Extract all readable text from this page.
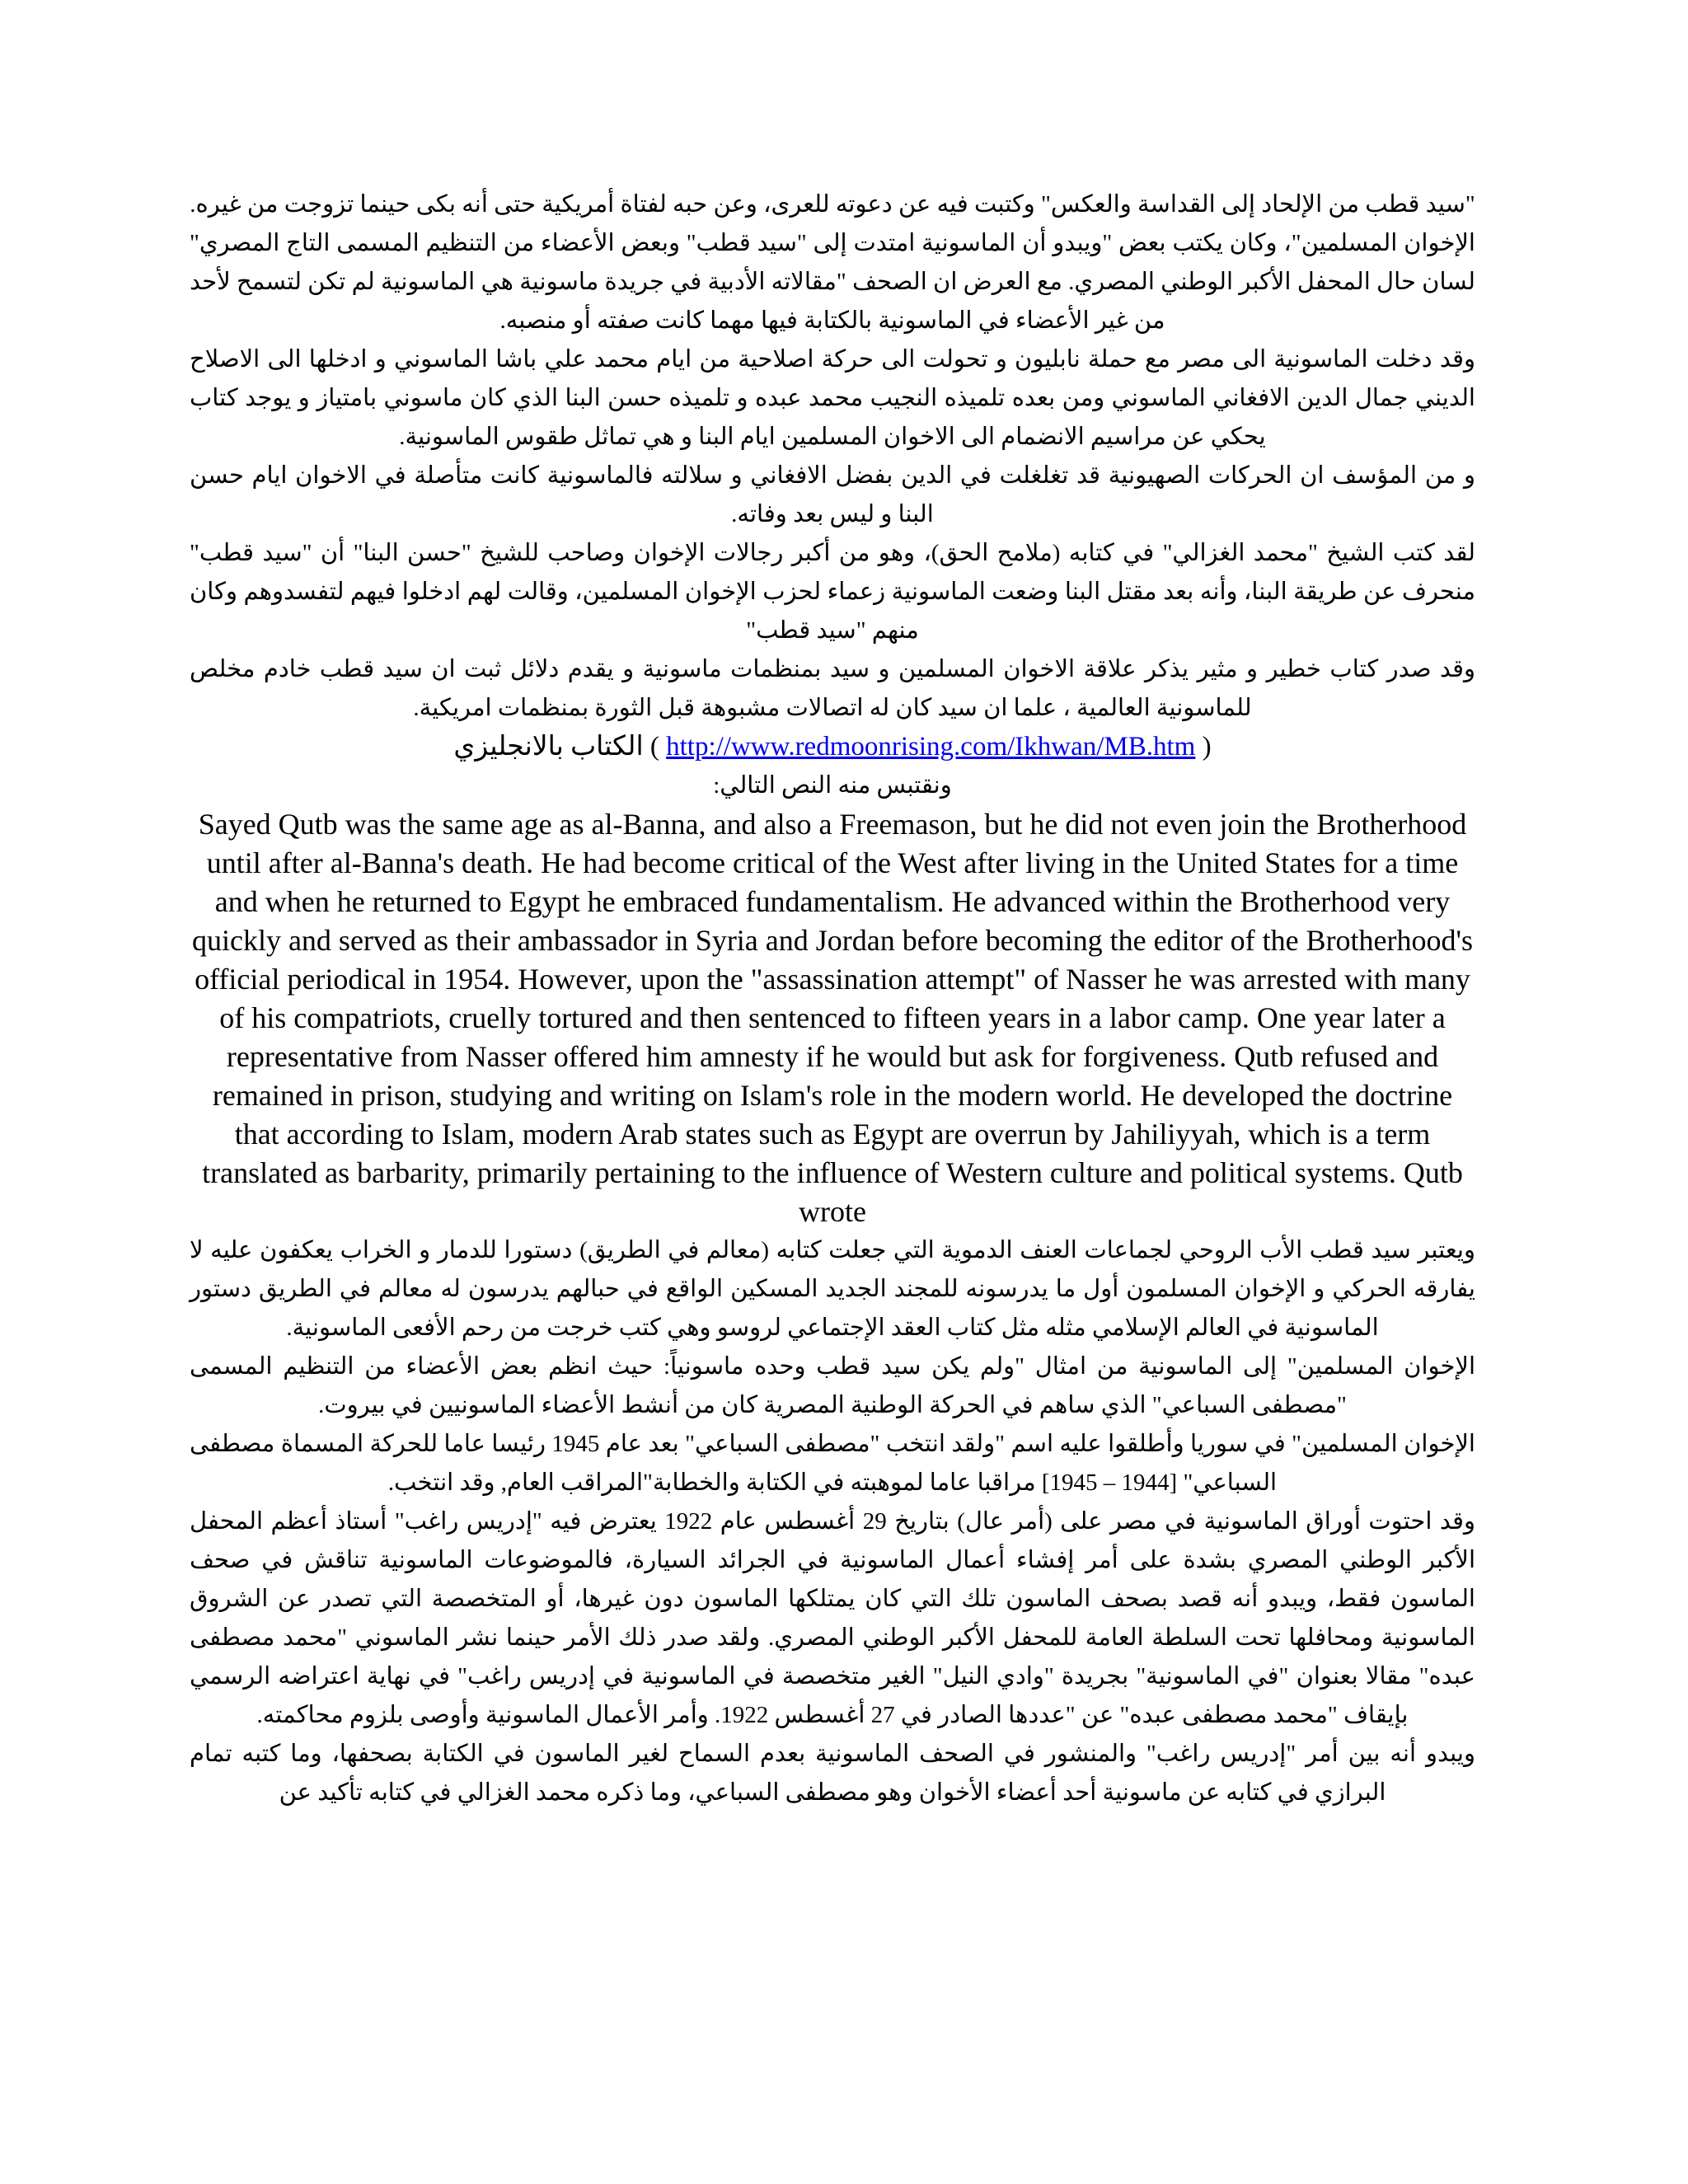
"سيد قطب من الإلحاد إلى القداسة والعكس" وكتبت فيه عن دعوته للعرى، وعن حبه لفتاة أمريكية حتى أنه بكى حينما تزوجت من غيره.

الإخوان المسلمين"، وكان يكتب بعض "ويبدو أن الماسونية امتدت إلى "سيد قطب" وبعض الأعضاء من التنظيم المسمى التاج المصري" لسان حال المحفل الأكبر الوطني المصري. مع العرض ان الصحف "مقالاته الأدبية في جريدة ماسونية هي الماسونية لم تكن لتسمح لأحد من غير الأعضاء في الماسونية بالكتابة فيها مهما كانت صفته أو منصبه.

وقد دخلت الماسونية الى مصر مع حملة نابليون و تحولت الى حركة اصلاحية من ايام محمد علي باشا الماسوني و ادخلها الى الاصلاح الديني جمال الدين الافغاني الماسوني ومن بعده تلميذه النجيب محمد عبده و تلميذه حسن البنا الذي كان ماسوني بامتياز و يوجد كتاب يحكي عن مراسيم الانضمام الى الاخوان المسلمين ايام البنا و هي تماثل طقوس الماسونية.

و من المؤسف ان الحركات الصهيونية قد تغلغلت في الدين بفضل الافغاني و سلالته فالماسونية كانت متأصلة في الاخوان ايام حسن البنا و ليس بعد وفاته.

لقد كتب الشيخ "محمد الغزالي" في كتابه (ملامح الحق)، وهو من أكبر رجالات الإخوان وصاحب للشيخ "حسن البنا" أن "سيد قطب" منحرف عن طريقة البنا، وأنه بعد مقتل البنا وضعت الماسونية زعماء لحزب الإخوان المسلمين، وقالت لهم ادخلوا فيهم لتفسدوهم وكان منهم "سيد قطب"

وقد صدر كتاب خطير و مثير يذكر علاقة الاخوان المسلمين و سيد بمنظمات ماسونية و يقدم دلائل ثبت ان سيد قطب خادم مخلص للماسونية العالمية ، علما ان سيد كان له اتصالات مشبوهة قبل الثورة بمنظمات امريكية.

( http://www.redmoonrising.com/Ikhwan/MB.htm ) الكتاب بالانجليزي

ونقتبس منه النص التالي:

Sayed Qutb was the same age as al-Banna, and also a Freemason, but he did not even join the Brotherhood until after al-Banna's death. He had become critical of the West after living in the United States for a time and when he returned to Egypt he embraced fundamentalism. He advanced within the Brotherhood very quickly and served as their ambassador in Syria and Jordan before becoming the editor of the Brotherhood's official periodical in 1954. However, upon the "assassination attempt" of Nasser he was arrested with many of his compatriots, cruelly tortured and then sentenced to fifteen years in a labor camp. One year later a representative from Nasser offered him amnesty if he would but ask for forgiveness. Qutb refused and remained in prison, studying and writing on Islam's role in the modern world. He developed the doctrine that according to Islam, modern Arab states such as Egypt are overrun by Jahiliyyah, which is a term translated as barbarity, primarily pertaining to the influence of Western culture and political systems. Qutb wrote

ويعتبر سيد قطب الأب الروحي لجماعات العنف الدموية التي جعلت كتابه (معالم في الطريق) دستورا للدمار و الخراب يعكفون عليه لا يفارقه الحركي و الإخوان المسلمون أول ما يدرسونه للمجند الجديد المسكين الواقع في حبالهم يدرسون له معالم في الطريق دستور الماسونية في العالم الإسلامي مثله مثل كتاب العقد الإجتماعي لروسو وهي كتب خرجت من رحم الأفعى الماسونية.

الإخوان المسلمين" إلى الماسونية من امثال "ولم يكن سيد قطب وحده ماسونياً: حيث انظم بعض الأعضاء من التنظيم المسمى "مصطفى السباعي" الذي ساهم في الحركة الوطنية المصرية كان من أنشط الأعضاء الماسونيين في بيروت.

الإخوان المسلمين" في سوريا وأطلقوا عليه اسم "ولقد انتخب "مصطفى السباعي" بعد عام 1945 رئيسا عاما للحركة المسماة مصطفى السباعي" [1944 – 1945] مراقبا عاما لموهبته في الكتابة والخطابة"المراقب العام, وقد انتخب.

وقد احتوت أوراق الماسونية في مصر على (أمر عال) بتاريخ 29 أغسطس عام 1922 يعترض فيه "إدريس راغب" أستاذ أعظم المحفل الأكبر الوطني المصري بشدة على أمر إفشاء أعمال الماسونية في الجرائد السيارة، فالموضوعات الماسونية تناقش في صحف الماسون فقط، ويبدو أنه قصد بصحف الماسون تلك التي كان يمتلكها الماسون دون غيرها، أو المتخصصة التي تصدر عن الشروق الماسونية ومحافلها تحت السلطة العامة للمحفل الأكبر الوطني المصري. ولقد صدر ذلك الأمر حينما نشر الماسوني "محمد مصطفى عبده" مقالا بعنوان "في الماسونية" بجريدة "وادي النيل" الغير متخصصة في الماسونية في إدريس راغب" في نهاية اعتراضه الرسمي بإيقاف "محمد مصطفى عبده" عن "عددها الصادر في 27 أغسطس 1922. وأمر الأعمال الماسونية وأوصى بلزوم محاكمته.

ويبدو أنه بين أمر "إدريس راغب" والمنشور في الصحف الماسونية بعدم السماح لغير الماسون في الكتابة بصحفها، وما كتبه تمام البرازي في كتابه عن ماسونية أحد أعضاء الأخوان وهو مصطفى السباعي، وما ذكره محمد الغزالي في كتابه تأكيد عن
